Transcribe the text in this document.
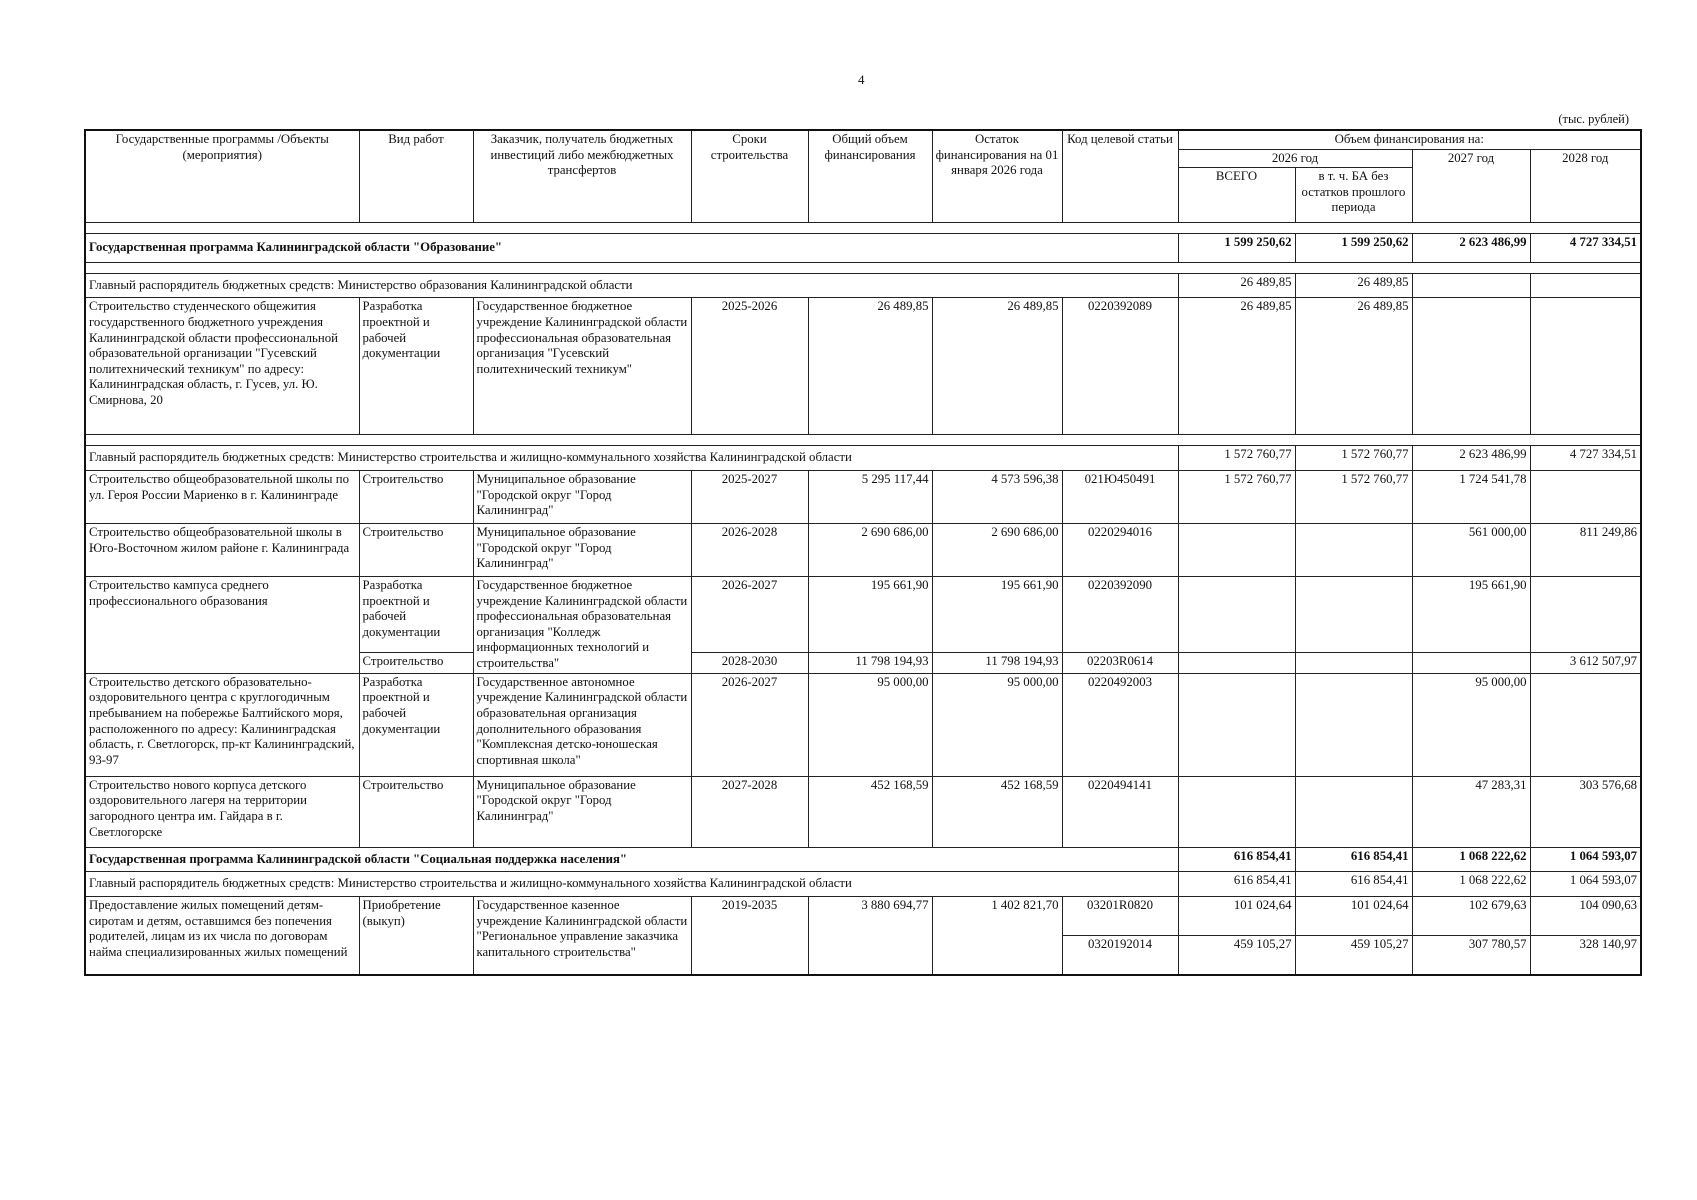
4
(тыс. рублей)
Государственные программы /Объекты (мероприятия)	Вид работ	Заказчик, получатель бюджетных инвестиций либо межбюджетных трансфертов	Сроки строительства	Общий объем финансирования	Остаток финансирования на 01 января 2026 года	Код целевой статьи	Объем финансирования на:			
							2026 год		2027 год	2028 год
							ВСЕГО	в т. ч. БА без остатков прошлого периода		

Государственная программа Калининградской области "Образование"							1 599 250,62	1 599 250,62	2 623 486,99	4 727 334,51

Главный распорядитель бюджетных средств: Министерство образования Калининградской области							26 489,85	26 489,85		
Строительство студенческого общежития государственного бюджетного учреждения Калининградской области профессиональной образовательной организации "Гусевский политехнический техникум" по адресу: Калининградская область, г. Гусев, ул. Ю. Смирнова, 20	Разработка проектной и рабочей документации	Государственное бюджетное учреждение Калининградской области профессиональная образовательная организация "Гусевский политехнический техникум"	2025-2026	26 489,85	26 489,85	0220392089	26 489,85	26 489,85		

Главный распорядитель бюджетных средств: Министерство строительства и жилищно-коммунального хозяйства Калининградской области							1 572 760,77	1 572 760,77	2 623 486,99	4 727 334,51
Строительство общеобразовательной школы по ул. Героя России Мариенко в г. Калининграде	Строительство	Муниципальное образование "Городской округ "Город Калининград"	2025-2027	5 295 117,44	4 573 596,38	021Ю450491	1 572 760,77	1 572 760,77	1 724 541,78	
Строительство общеобразовательной школы в Юго-Восточном жилом районе г. Калининграда	Строительство	Муниципальное образование "Городской округ "Город Калининград"	2026-2028	2 690 686,00	2 690 686,00	0220294016			561 000,00	811 249,86
Строительство кампуса среднего профессионального образования	Разработка проектной и рабочей документации	Государственное бюджетное учреждение Калининградской области профессиональная образовательная организация "Колледж информационных технологий и строительства"	2026-2027	195 661,90	195 661,90	0220392090			195 661,90	
	Строительство		2028-2030	11 798 194,93	11 798 194,93	02203R0614				3 612 507,97
Строительство детского образовательно-оздоровительного центра с круглогодичным пребыванием на побережье Балтийского моря, расположенного по адресу: Калининградская область, г. Светлогорск, пр-кт Калининградский, 93-97	Разработка проектной и рабочей документации	Государственное автономное учреждение Калининградской области образовательная организация дополнительного образования "Комплексная детско-юношеская спортивная школа"	2026-2027	95 000,00	95 000,00	0220492003			95 000,00	
Строительство нового корпуса детского оздоровительного лагеря на территории загородного центра им. Гайдара в г. Светлогорске	Строительство	Муниципальное образование "Городской округ "Город Калининград"	2027-2028	452 168,59	452 168,59	0220494141			47 283,31	303 576,68
Государственная программа Калининградской области "Социальная поддержка населения"							616 854,41	616 854,41	1 068 222,62	1 064 593,07
Главный распорядитель бюджетных средств: Министерство строительства и жилищно-коммунального хозяйства Калининградской области							616 854,41	616 854,41	1 068 222,62	1 064 593,07
Предоставление жилых помещений детям-сиротам и детям, оставшимся без попечения родителей, лицам из их числа по договорам найма специализированных жилых помещений	Приобретение (выкуп)	Государственное казенное учреждение Калининградской области "Региональное управление заказчика капитального строительства"	2019-2035	3 880 694,77	1 402 821,70	03201R0820	101 024,64	101 024,64	102 679,63	104 090,63
						0320192014	459 105,27	459 105,27	307 780,57	328 140,97
